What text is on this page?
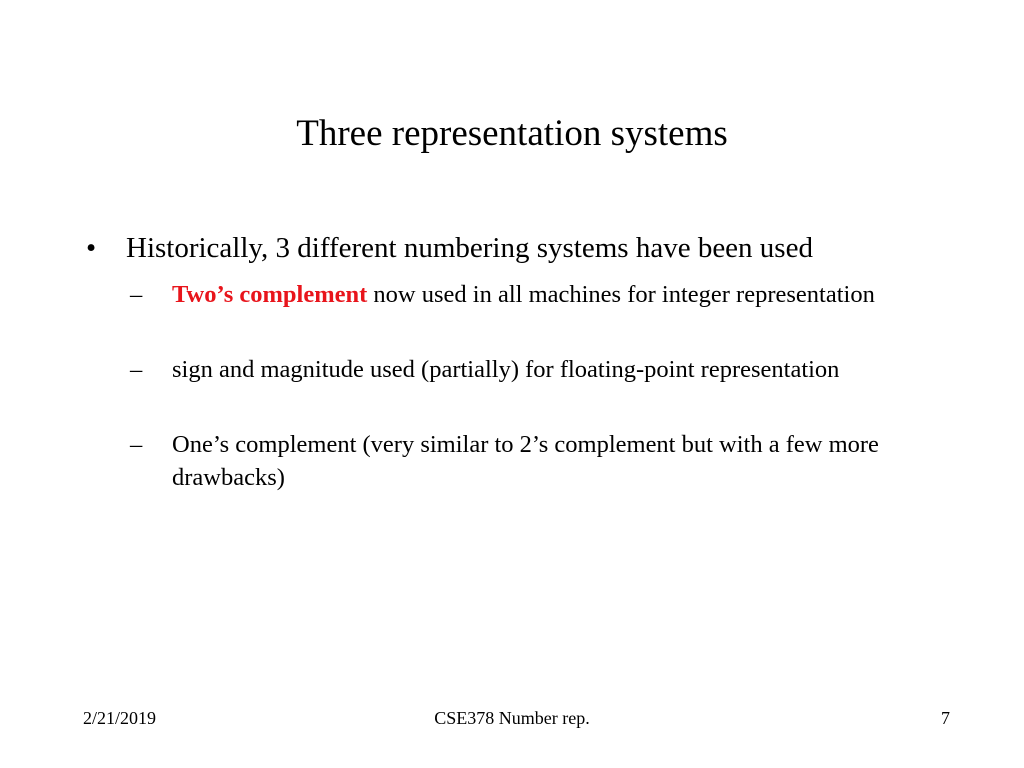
Three representation systems
•	Historically, 3 different numbering systems have been used
–	Two’s complement now used in all machines for integer representation
–	sign and magnitude used (partially) for floating-point representation
–	One’s complement (very similar to 2’s complement but with a few more drawbacks)
2/21/2019	CSE378 Number rep.	7
